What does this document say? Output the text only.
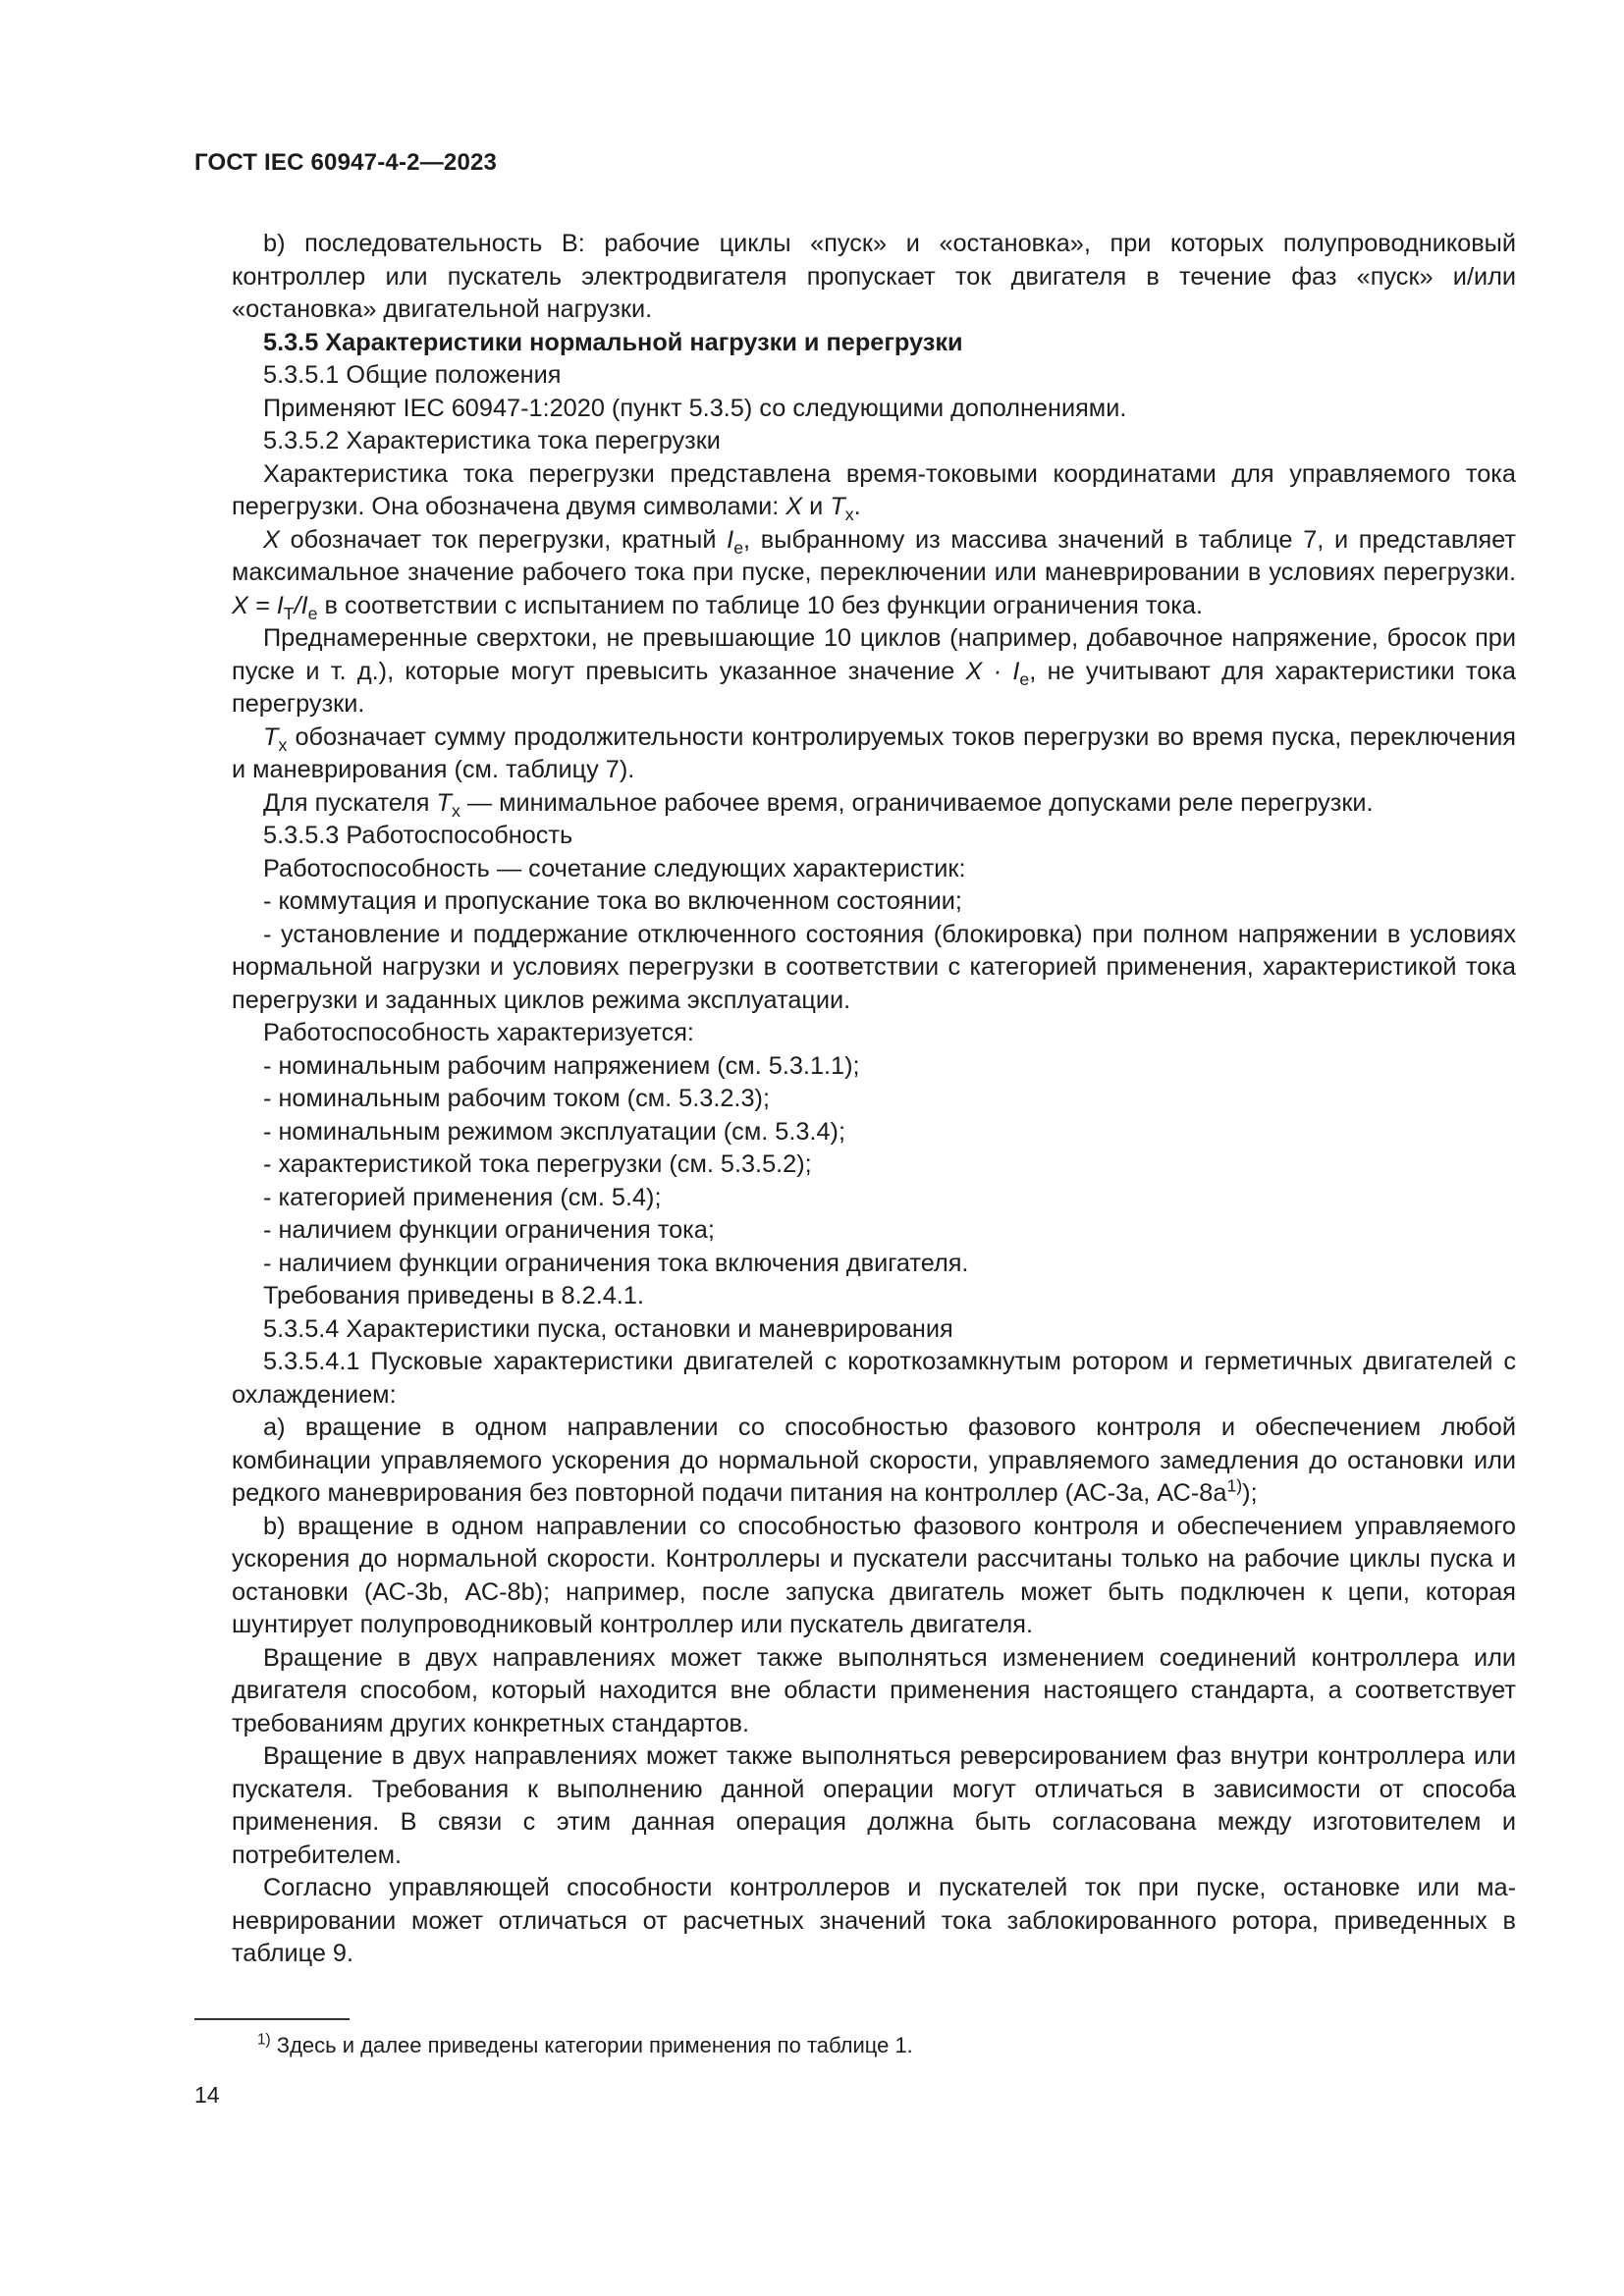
ГОСТ IEC 60947-4-2—2023

b) последовательность В: рабочие циклы «пуск» и «остановка», при которых полупроводниковый контроллер или пускатель электродвигателя пропускает ток двигателя в течение фаз «пуск» и/или «остановка» двигательной нагрузки.

5.3.5 Характеристики нормальной нагрузки и перегрузки

5.3.5.1 Общие положения

Применяют IEC 60947-1:2020 (пункт 5.3.5) со следующими дополнениями.

5.3.5.2 Характеристика тока перегрузки

Характеристика тока перегрузки представлена время-токовыми координатами для управляемого тока перегрузки. Она обозначена двумя символами: X и $T_x$.

X обозначает ток перегрузки, кратный $I_e$, выбранному из массива значений в таблице 7, и представляет максимальное значение рабочего тока при пуске, переключении или маневрировании в условиях перегрузки. $X = I_T/I_e$ в соответствии с испытанием по таблице 10 без функции ограничения тока.

Преднамеренные сверхтоки, не превышающие 10 циклов (например, добавочное напряжение, бросок при пуске и т. д.), которые могут превысить указанное значение $X \cdot I_e$, не учитывают для характеристики тока перегрузки.

$T_x$ обозначает сумму продолжительности контролируемых токов перегрузки во время пуска, переключения и маневрирования (см. таблицу 7).

Для пускателя $T_x$ — минимальное рабочее время, ограничиваемое допусками реле перегрузки.

5.3.5.3 Работоспособность

Работоспособность — сочетание следующих характеристик:

- коммутация и пропускание тока во включенном состоянии;

- установление и поддержание отключенного состояния (блокировка) при полном напряжении в условиях нормальной нагрузки и условиях перегрузки в соответствии с категорией применения, характеристикой тока перегрузки и заданных циклов режима эксплуатации.

Работоспособность характеризуется:

- номинальным рабочим напряжением (см. 5.3.1.1);

- номинальным рабочим током (см. 5.3.2.3);

- номинальным режимом эксплуатации (см. 5.3.4);

- характеристикой тока перегрузки (см. 5.3.5.2);

- категорией применения (см. 5.4);

- наличием функции ограничения тока;

- наличием функции ограничения тока включения двигателя.

Требования приведены в 8.2.4.1.

5.3.5.4 Характеристики пуска, остановки и маневрирования

5.3.5.4.1 Пусковые характеристики двигателей с короткозамкнутым ротором и герметичных двигателей с охлаждением:

а) вращение в одном направлении со способностью фазового контроля и обеспечением любой комбинации управляемого ускорения до нормальной скорости, управляемого замедления до остановки или редкого маневрирования без повторной подачи питания на контроллер (АС-3а, $АС-8а^{1)}$);

b) вращение в одном направлении со способностью фазового контроля и обеспечением управляемого ускорения до нормальной скорости. Контроллеры и пускатели рассчитаны только на рабочие циклы пуска и остановки (АС-3b, АС-8b); например, после запуска двигатель может быть подключен к цепи, которая шунтирует полупроводниковый контроллер или пускатель двигателя.

Вращение в двух направлениях может также выполняться изменением соединений контроллера или двигателя способом, который находится вне области применения настоящего стандарта, а соответствует требованиям других конкретных стандартов.

Вращение в двух направлениях может также выполняться реверсированием фаз внутри контроллера или пускателя. Требования к выполнению данной операции могут отличаться в зависимости от способа применения. В связи с этим данная операция должна быть согласована между изготовителем и потребителем.

Согласно управляющей способности контроллеров и пускателей ток при пуске, остановке или маневрировании может отличаться от расчетных значений тока заблокированного ротора, приведенных в таблице 9.

$^{1)}$ Здесь и далее приведены категории применения по таблице 1.
14
